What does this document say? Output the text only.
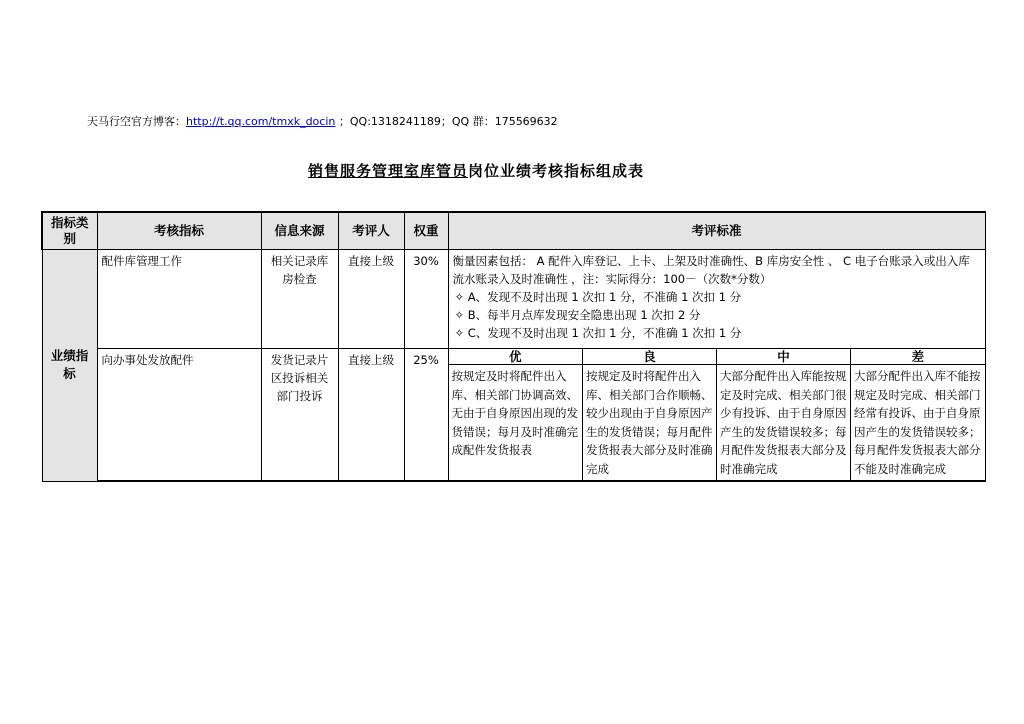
天马行空官方博客：http://t.qq.com/tmxk_docin ；QQ:1318241189；QQ 群：175569632
销售服务管理室库管员岗位业绩考核指标组成表
指标类别	考核指标	信息来源	考评人	权重	考评标准
业绩指标	配件库管理工作	相关记录库房检查	直接上级	30%	衡量因素包括： A 配件入库登记、上卡、上架及时准确性、B 库房安全性 、 C 电子台账录入或出入库流水账录入及时准确性 ，注：实际得分：100－（次数*分数）
✧ A、发现不及时出现 1 次扣 1 分，不准确 1 次扣 1 分
✧ B、每半月点库发现安全隐患出现 1 次扣 2 分
✧ C、发现不及时出现 1 次扣 1 分，不准确 1 次扣 1 分

向办事处发放配件	发货记录片区投诉相关部门投诉	直接上级	25%		优	良	中	差
按规定及时将配件出入库、相关部门协调高效、无由于自身原因出现的发货错误；每月及时准确完成配件发货报表	按规定及时将配件出入库、相关部门合作顺畅、较少出现由于自身原因产生的发货错误；每月配件发货报表大部分及时准确完成	大部分配件出入库能按规定及时完成、相关部门很少有投诉、由于自身原因产生的发货错误较多；每月配件发货报表大部分及时准确完成	大部分配件出入库不能按规定及时完成、相关部门经常有投诉、由于自身原因产生的发货错误较多；每月配件发货报表大部分不能及时准确完成
